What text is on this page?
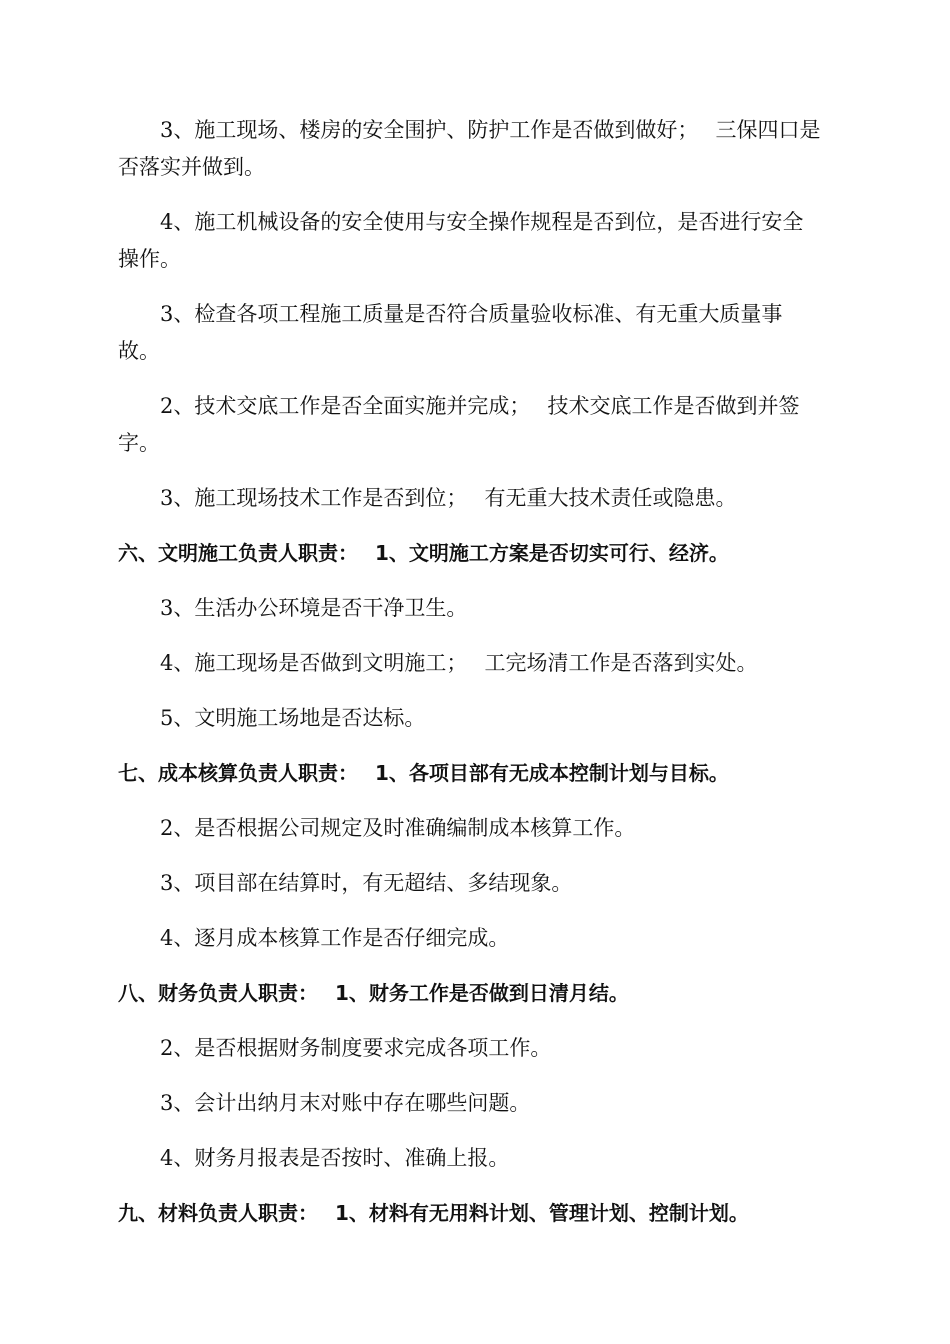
3、施工现场、楼房的安全围护、防护工作是否做到做好；　 三保四口是否落实并做到。

4、施工机械设备的安全使用与安全操作规程是否到位，是否进行安全操作。

3、检查各项工程施工质量是否符合质量验收标准、有无重大质量事故。

2、技术交底工作是否全面实施并完成；　 技术交底工作是否做到并签字。

3、施工现场技术工作是否到位；　 有无重大技术责任或隐患。

六、文明施工负责人职责：　 1、文明施工方案是否切实可行、经济。

3、生活办公环境是否干净卫生。

4、施工现场是否做到文明施工；　 工完场清工作是否落到实处。

5、文明施工场地是否达标。

七、成本核算负责人职责：　 1、各项目部有无成本控制计划与目标。

2、是否根据公司规定及时准确编制成本核算工作。

3、项目部在结算时，有无超结、多结现象。

4、逐月成本核算工作是否仔细完成。

八、财务负责人职责：　 1、财务工作是否做到日清月结。

2、是否根据财务制度要求完成各项工作。

3、会计出纳月末对账中存在哪些问题。

4、财务月报表是否按时、准确上报。

九、材料负责人职责：　 1、材料有无用料计划、管理计划、控制计划。
